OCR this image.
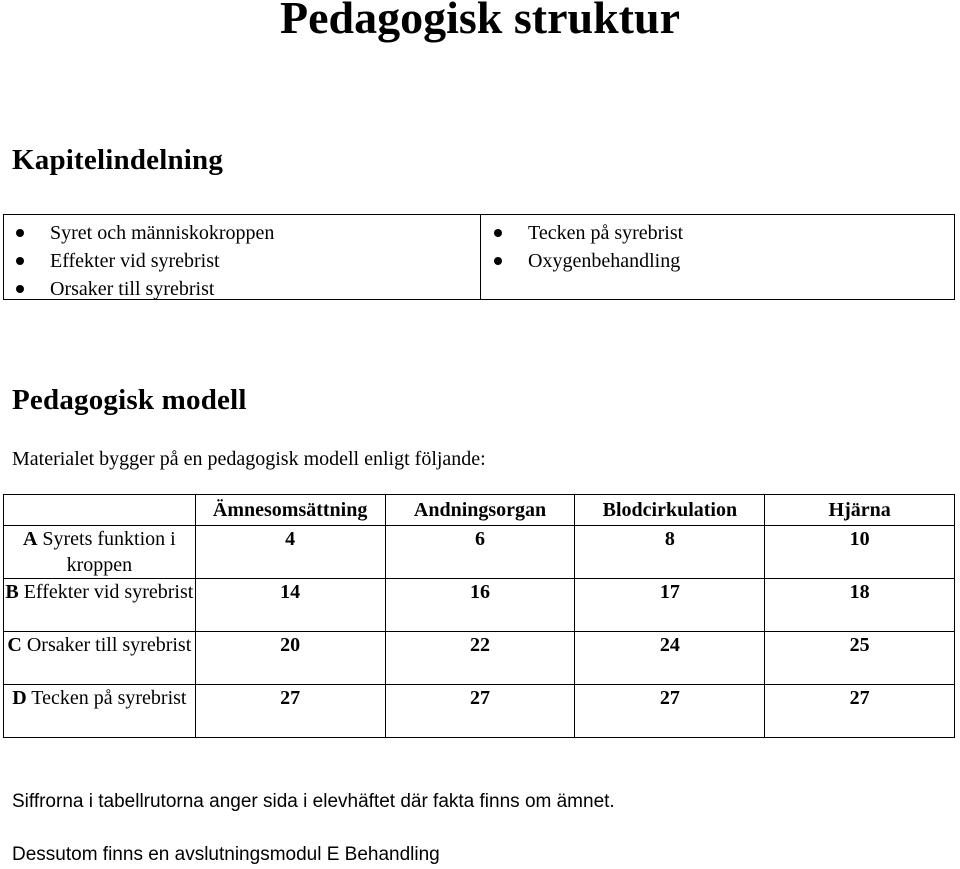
Pedagogisk struktur
Kapitelindelning
Syret och människokroppen
Effekter vid syrebrist
Orsaker till syrebrist
Tecken på syrebrist
Oxygenbehandling
Pedagogisk modell

Materialet bygger på en pedagogisk modell enligt följande:

	Ämnesomsättning	Andningsorgan	Blodcirkulation	Hjärna
A Syrets funktion i kroppen	4	6	8	10
B Effekter vid syrebrist	14	16	17	18
C Orsaker till syrebrist	20	22	24	25
D Tecken på syrebrist	27	27	27	27

Siffrorna i tabellrutorna anger sida i elevhäftet där fakta finns om ämnet.

Dessutom finns en avslutningsmodul E Behandling
